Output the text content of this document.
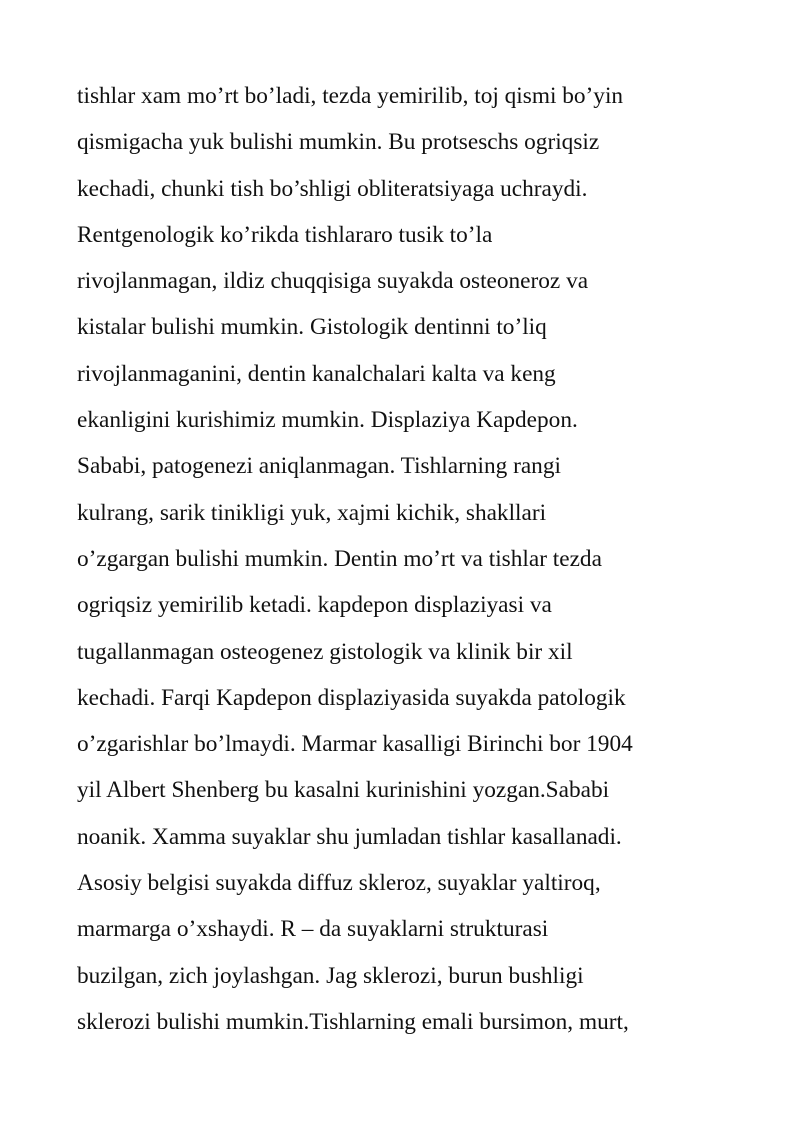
tishlar xam mo’rt bo’ladi, tezda yemirilib, toj qismi bo’yin
qismigacha yuk bulishi mumkin. Bu protseschs ogriqsiz
kechadi, chunki tish bo’shligi obliteratsiyaga uchraydi.
Rentgenologik ko’rikda tishlararo tusik to’la
rivojlanmagan, ildiz chuqqisiga suyakda osteoneroz va
kistalar bulishi mumkin. Gistologik dentinni to’liq
rivojlanmaganini, dentin kanalchalari kalta va keng
ekanligini kurishimiz mumkin. Displaziya Kapdepon.
Sababi, patogenezi aniqlanmagan. Tishlarning rangi
kulrang, sarik tinikligi yuk, xajmi kichik, shakllari
o’zgargan bulishi mumkin. Dentin mo’rt va tishlar tezda
ogriqsiz yemirilib ketadi. kapdepon displaziyasi va
tugallanmagan osteogenez gistologik va klinik bir xil
kechadi. Farqi Kapdepon displaziyasida suyakda patologik
o’zgarishlar bo’lmaydi. Marmar kasalligi Birinchi bor 1904
yil Albert Shenberg bu kasalni kurinishini yozgan.Sababi
noanik. Xamma suyaklar shu jumladan tishlar kasallanadi.
Asosiy belgisi suyakda diffuz skleroz, suyaklar yaltiroq,
marmarga o’xshaydi. R – da suyaklarni strukturasi
buzilgan, zich joylashgan. Jag sklerozi, burun bushligi
sklerozi bulishi mumkin.Tishlarning emali bursimon, murt,
